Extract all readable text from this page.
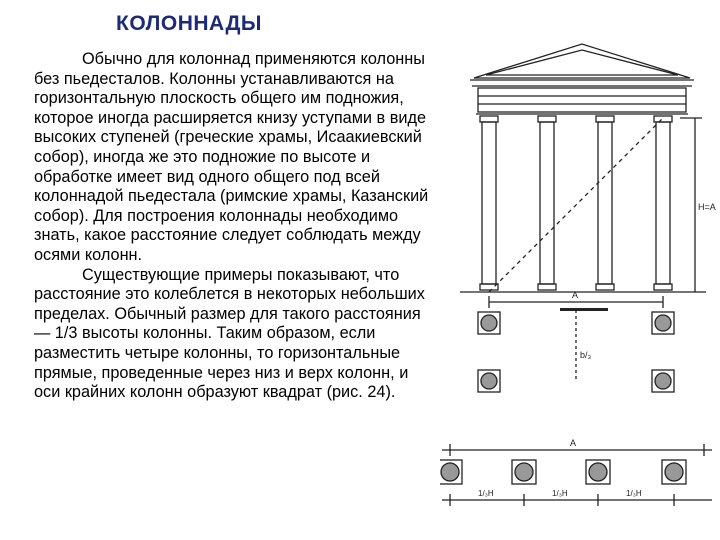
КОЛОННАДЫ

Обычно для колоннад применяются колонны без пьедесталов. Колонны устанавливаются на горизонтальную плоскость общего им подножия, которое иногда расширяется книзу уступами в виде высоких ступеней (греческие храмы, Исаакиевский собор), иногда же это подножие по высоте и обработке имеет вид одного общего под всей колоннадой пьедестала (римские храмы, Казанский собор). Для построения колоннады необходимо знать, какое расстояние следует соблюдать между осями колонн.

Существующие примеры показывают, что расстояние это колеблется в некоторых небольших пределах. Обычный размер для такого расстояния — 1/3 высоты колонны. Таким образом, если разместить четыре колонны, то горизонтальные прямые, проведенные через низ и верх колонн, и оси крайних колонн образуют квадрат (рис. 24).

H=A
A
b/₃
A
1/₃H	1/₃H	1/₃H
